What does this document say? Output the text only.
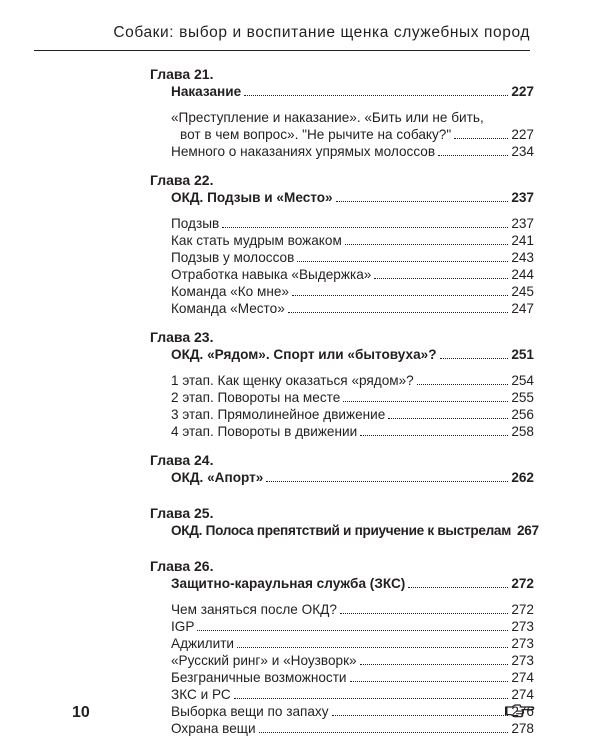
Собаки: выбор и воспитание щенка служебных пород
Глава 21.
Наказание	227
«Преступление и наказание». «Бить или не бить,
вот в чем вопрос». "Не рычите на собаку?"	227
Немного о наказаниях упрямых молоссов	234
Глава 22.
ОКД. Подзыв и «Место»	237
Подзыв	237
Как стать мудрым вожаком	241
Подзыв у молоссов	243
Отработка навыка «Выдержка»	244
Команда «Ко мне»	245
Команда «Место»	247
Глава 23.
ОКД. «Рядом». Спорт или «бытовуха»?	251
1 этап. Как щенку оказаться «рядом»?	254
2 этап. Повороты на месте	255
3 этап. Прямолинейное движение	256
4 этап. Повороты в движении	258
Глава 24.
ОКД. «Апорт»	262
Глава 25.
ОКД. Полоса препятствий и приучение к выстрелам 267
Глава 26.
Защитно-караульная служба (ЗКС)	272
Чем заняться после ОКД?	272
IGP	273
Аджилити	273
«Русский ринг» и «Ноузворк»	273
Безграничные возможности	274
ЗКС и РС	274
Выборка вещи по запаху	276
Охрана вещи	278
10
